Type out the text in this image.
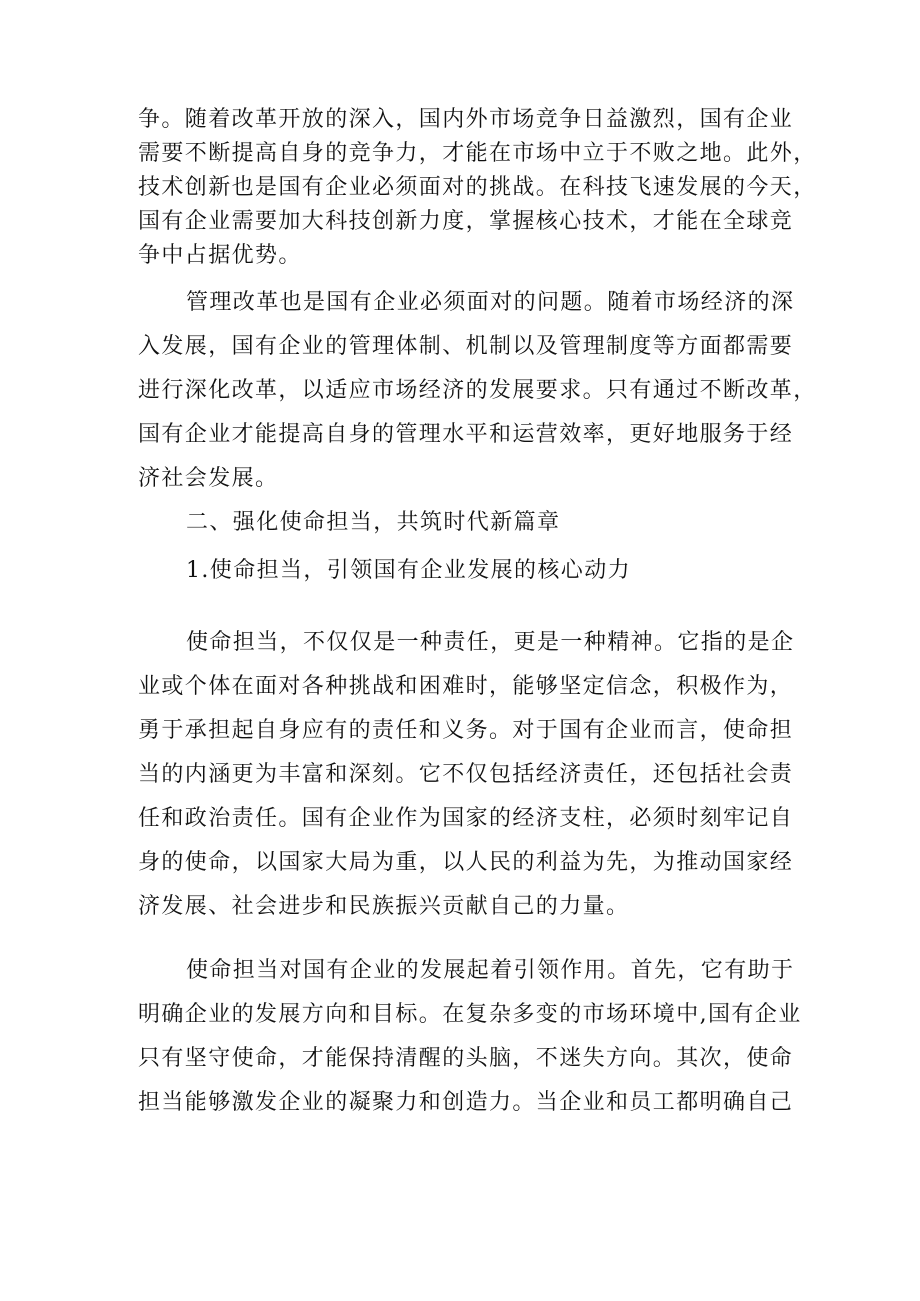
争。随着改革开放的深入，国内外市场竞争日益激烈，国有企业
需要不断提高自身的竞争力，才能在市场中立于不败之地。此外，
技术创新也是国有企业必须面对的挑战。在科技飞速发展的今天，
国有企业需要加大科技创新力度，掌握核心技术，才能在全球竞
争中占据优势。
管理改革也是国有企业必须面对的问题。随着市场经济的深
入发展，国有企业的管理体制、机制以及管理制度等方面都需要
进行深化改革，以适应市场经济的发展要求。只有通过不断改革，
国有企业才能提高自身的管理水平和运营效率，更好地服务于经
济社会发展。
二、强化使命担当，共筑时代新篇章
1.使命担当，引领国有企业发展的核心动力
使命担当，不仅仅是一种责任，更是一种精神。它指的是企
业或个体在面对各种挑战和困难时，能够坚定信念，积极作为，
勇于承担起自身应有的责任和义务。对于国有企业而言，使命担
当的内涵更为丰富和深刻。它不仅包括经济责任，还包括社会责
任和政治责任。国有企业作为国家的经济支柱，必须时刻牢记自
身的使命，以国家大局为重，以人民的利益为先，为推动国家经
济发展、社会进步和民族振兴贡献自己的力量。
使命担当对国有企业的发展起着引领作用。首先，它有助于
明确企业的发展方向和目标。在复杂多变的市场环境中,国有企业
只有坚守使命，才能保持清醒的头脑，不迷失方向。其次，使命
担当能够激发企业的凝聚力和创造力。当企业和员工都明确自己
